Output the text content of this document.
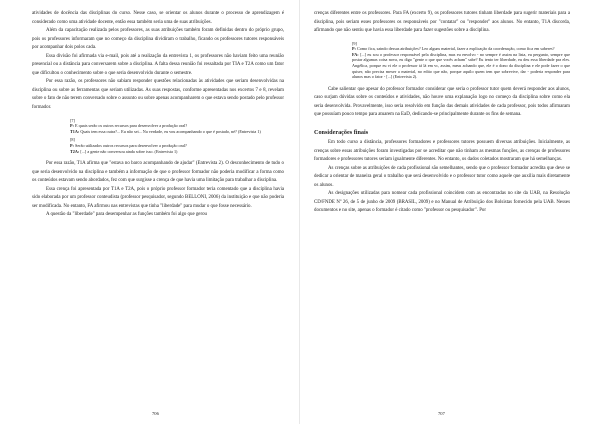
atividades de docência das disciplinas do curso. Nesse caso, se orientar os alunos durante o processo de aprendizagem é considerado como uma atividade docente, então essa também seria uma de suas atribuições.

Além da capacitação realizada pelos professores, as suas atribuições também foram definidas dentro do próprio grupo, pois os professores informaram que no começo da disciplina dividiram o trabalho, ficando os professores tutores responsáveis por acompanhar dois polos cada.

Essa divisão foi afirmada via e-mail, pois até a realização da entrevista 1, os professores não haviam feito uma reunião presencial ou a distância para conversarem sobre a disciplina. A falta dessa reunião foi ressaltada por TIA e T2A como um fator que dificultou o conhecimento sobre o que seria desenvolvido durante o semestre.

Por essa razão, os professores não sabiam responder questões relacionadas às atividades que seriam desenvolvidas na disciplina ou sobre as ferramentas que seriam utilizadas. As suas respostas, conforme apresentadas nos excertos 7 e 8, revelam sobre o fato de não terem conversado sobre o assunto ou sobre apenas acompanharem o que estava sendo postado pelo professor formador.

[7]
P: E quais serão os outros recursos para desenvolver a produção oral?
T1A: Quais tem essa outra?... Eu não sei... Na verdade, eu vou acompanhando o que é postado, né? (Entrevista 1)
[8]
P: Serão utilizados outros recursos para desenvolver a produção oral?
T2A: [...] a gente não conversou ainda sobre isso. (Entrevista 1)

Por essa razão, T1A afirma que "estava no barco acompanhando de ajudar" (Entrevista 2). O desconhecimento de tudo o que seria desenvolvido na disciplina e também a informação de que o professor formador não poderia modificar a forma como os conteúdos estavam sendo abordados, fez com que surgisse a crença de que havia uma limitação para trabalhar a disciplina.

Essa crença foi apresentada por T1A e T2A, pois o próprio professor formador teria comentado que a disciplina havia sido elaborada por um professor conteudista (professor pesquisador, segundo BELLONI, 2006) da instituição e que não poderia ser modificada. No entanto, FA afirmou nas entrevistas que tinha "liberdade" para mudar o que fosse necessário.

A questão da "liberdade" para desempenhar as funções também foi algo que gerou

706

crenças diferentes entre os professores. Para FA (excerto 9), os professores tutores tinham liberdade para sugerir materiais para a disciplina, pois seriam esses professores os responsáveis por "contatar" ou "responder" aos alunos. No entanto, T1A discorda, afirmando que não sentiu que havia essa liberdade para fazer sugestões sobre a disciplina.

[9]
P: Como fica, saindo dessas atribuições? Leo alguns material, fazer a explicação da coordenação, como fica em saberes?
FA: [...] eu sou o professor responsável pela disciplina, mas eu envolvo - no sempre é assim na lista, eu pergunto, sempre que postar algumas coisa nova, eu digo "gente o que que vocês acham" sabe? Eu tento ter liberdade, eu deu essa liberdade pra eles. Angélica, porque eu vi ele o professor tá lá em vc, assim, meus achando que, ele é o dono da disciplina e ele pode fazer o que quiser, não precisa mexer a material, no edito que não, porque aquilo quem tem que sobrevive, dar - poderia responder para alunos mas o fator - [...] (Entrevista 2).

Cabe salientar que apesar do professor formador considerar que seria o professor tutor quem deverá responder aos alunos, caso surjam dúvidas sobre os conteúdos e atividades, não houve uma explanação logo no começo da disciplina sobre como ela seria desenvolvida. Provavelmente, isso seria resolvido em função das demais atividades de cada professor, pois todos afirmaram que possuíam pouco tempo para atuarem na EaD, dedicando-se principalmente durante os fins de semana.

Considerações finais

Em todo curso a distância, professores formadores e professores tutores possuem diversas atribuições. Inicialmente, as crenças sobre essas atribuições foram investigadas por se acreditar que não tinham as mesmas funções, as crenças de professores formadores e professores tutores seriam igualmente diferentes. No entanto, os dados coletados mostraram que há semelhanças.

As crenças sobre as atribuições de cada profissional são semelhantes, sendo que o professor formador acredita que deve se dedicar a orientar de maneira geral o trabalho que será desenvolvido e o professor tutor como aquele que auxilia mais diretamente os alunos.

As designações utilizadas para nomear cada profissional coincidem com as encontradas no site da UAB, na Resolução CD/FNDE Nº 26, de 5 de junho de 2009 (BRASIL, 2009) e no Manual de Atribuição dos Bolsistas fornecido pela UAB. Nesses documentos e no site, apenas o formador é citado como "professor ou pesquisador". Por

707
